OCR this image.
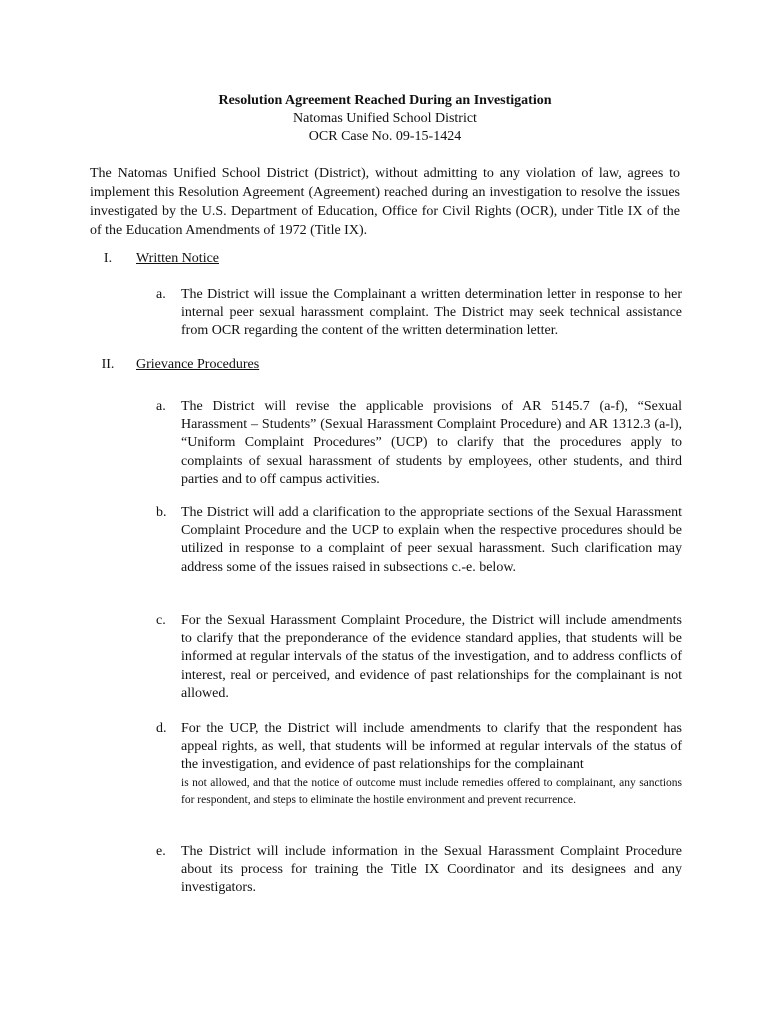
Resolution Agreement Reached During an Investigation
Natomas Unified School District
OCR Case No. 09-15-1424
The Natomas Unified School District (District), without admitting to any violation of law, agrees to implement this Resolution Agreement (Agreement) reached during an investigation to resolve the issues investigated by the U.S. Department of Education, Office for Civil Rights (OCR), under Title IX of the of the Education Amendments of 1972 (Title IX).
I.	Written Notice
a. The District will issue the Complainant a written determination letter in response to her internal peer sexual harassment complaint. The District may seek technical assistance from OCR regarding the content of the written determination letter.
II.	Grievance Procedures
a. The District will revise the applicable provisions of AR 5145.7 (a-f), “Sexual Harassment – Students” (Sexual Harassment Complaint Procedure) and AR 1312.3 (a-l), “Uniform Complaint Procedures” (UCP) to clarify that the procedures apply to complaints of sexual harassment of students by employees, other students, and third parties and to off campus activities.
b. The District will add a clarification to the appropriate sections of the Sexual Harassment Complaint Procedure and the UCP to explain when the respective procedures should be utilized in response to a complaint of peer sexual harassment. Such clarification may address some of the issues raised in subsections c.-e. below.
c. For the Sexual Harassment Complaint Procedure, the District will include amendments to clarify that the preponderance of the evidence standard applies, that students will be informed at regular intervals of the status of the investigation, and to address conflicts of interest, real or perceived, and evidence of past relationships for the complainant is not allowed.
d. For the UCP, the District will include amendments to clarify that the respondent has appeal rights, as well, that students will be informed at regular intervals of the status of the investigation, and evidence of past relationships for the complainant
is not allowed, and that the notice of outcome must include remedies offered to complainant, any sanctions for respondent, and steps to eliminate the hostile environment and prevent recurrence.
e. The District will include information in the Sexual Harassment Complaint Procedure about its process for training the Title IX Coordinator and its designees and any investigators.
